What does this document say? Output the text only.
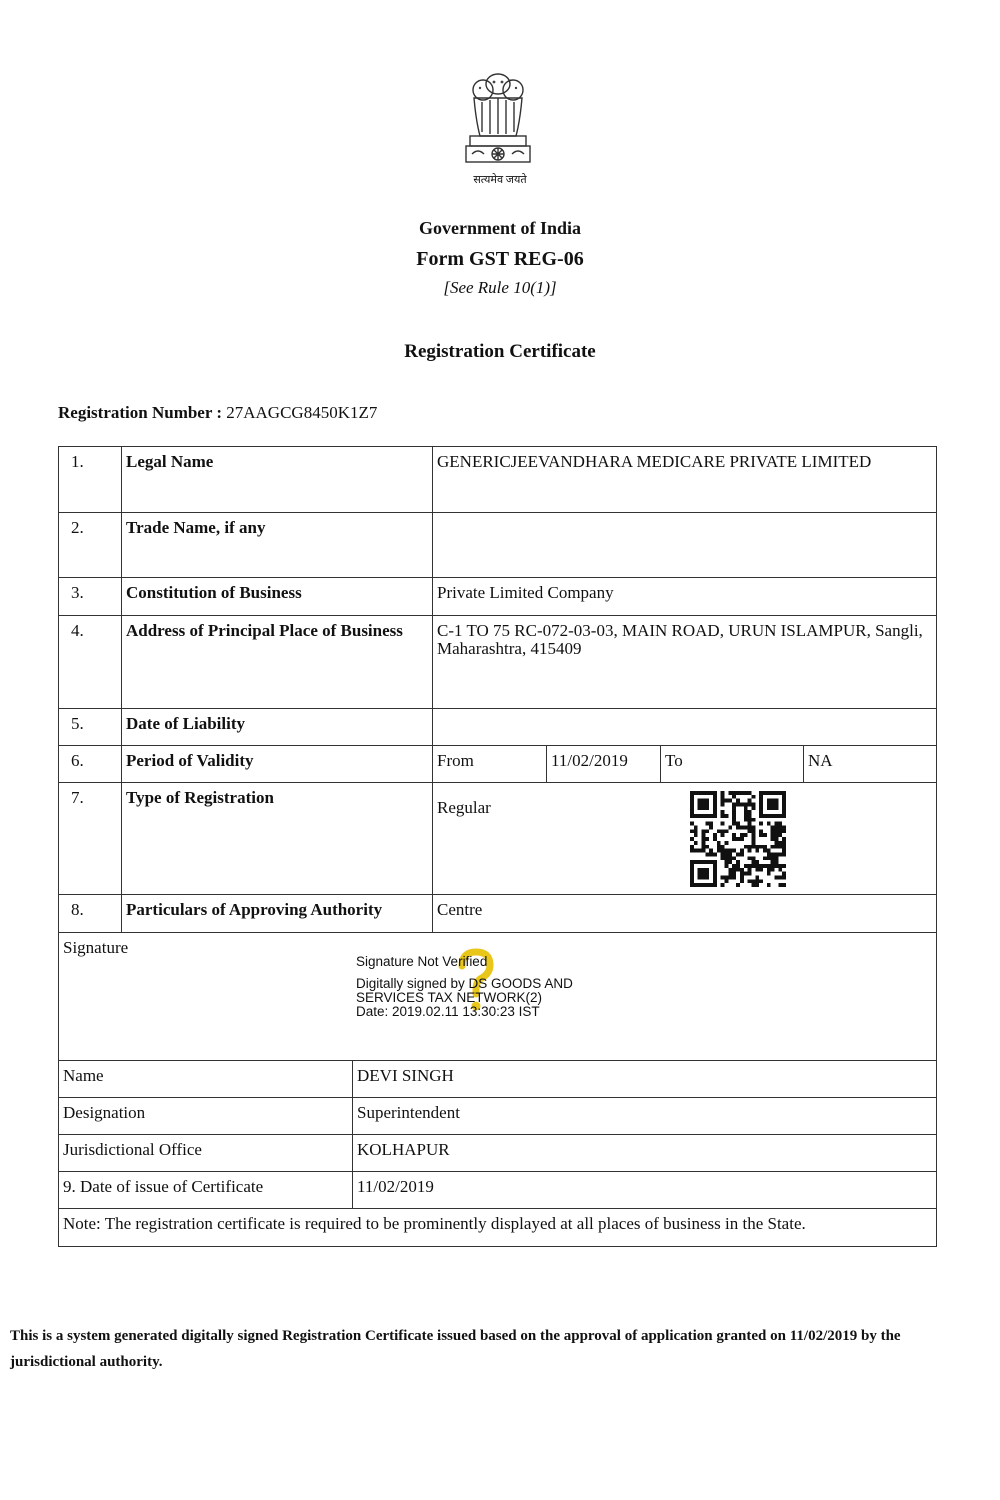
सत्यमेव जयते
Government of India
Form GST REG-06
[See Rule 10(1)]
Registration Certificate
Registration Number : 27AAGCG8450K1Z7
1.	Legal Name	GENERICJEEVANDHARA MEDICARE PRIVATE LIMITED			
2.	Trade Name, if any				
3.	Constitution of Business	Private Limited Company			
4.	Address of Principal Place of Business	C-1 TO 75 RC-072-03-03, MAIN ROAD, URUN ISLAMPUR, Sangli, Maharashtra, 415409			
5.	Date of Liability				
6.	Period of Validity	From	11/02/2019	To	NA
7.	Type of Registration	Regular			
8.	Particulars of Approving Authority	Centre			
Signature	
Name	DEVI SINGH
Designation	Superintendent
Jurisdictional Office	KOLHAPUR
9. Date of issue of Certificate	11/02/2019
Note: The registration certificate is required to be prominently displayed at all places of business in the State.	
Signature Not Verified
Digitally signed by DS GOODS AND
SERVICES TAX NETWORK(2)
Date: 2019.02.11 13:30:23 IST
This is a system generated digitally signed Registration Certificate issued based on the approval of application granted on 11/02/2019 by the jurisdictional authority.
